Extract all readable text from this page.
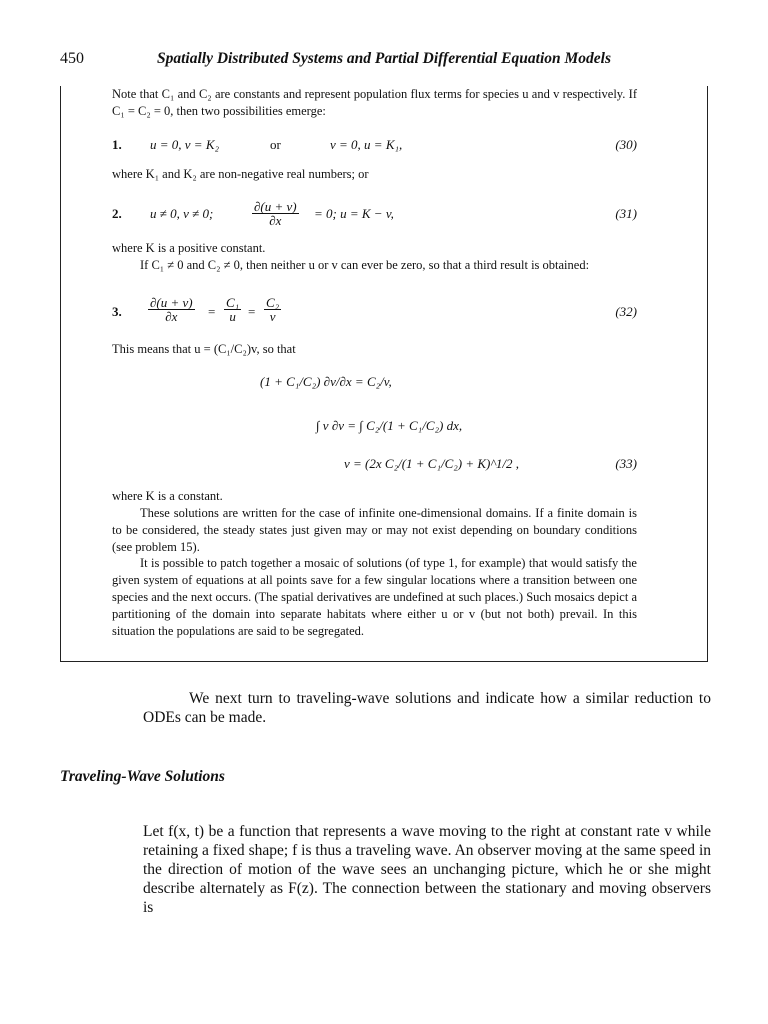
450	Spatially Distributed Systems and Partial Differential Equation Models

Note that C₁ and C₂ are constants and represent population flux terms for species u and v respectively. If C₁ = C₂ = 0, then two possibilities emerge:

1. u = 0, v = K₂	or	v = 0, u = K₁,	(30)

where K₁ and K₂ are non-negative real numbers; or

2. u ≠ 0, v ≠ 0;	$\frac{\partial(u + v)}{\partial x} = 0$; u = K − v,	(31)

where K is a positive constant.

If C₁ ≠ 0 and C₂ ≠ 0, then neither u or v can ever be zero, so that a third result is obtained:

3. $\frac{\partial(u + v)}{\partial x} = \frac{\text{C₁}}{u} = \frac{\text{C₂}}{v}$	(32)

This means that u = (C₁/C₂)v, so that

(1 + C₁/C₂) ∂v/∂x = C₂/v,
∫ v ∂v = ∫ C₂/(1 + C₁/C₂) dx,
v = (2x C₂/(1 + C₁/C₂) + K)^1/2 ,	(33)

where K is a constant.

These solutions are written for the case of infinite one-dimensional domains. If a finite domain is to be considered, the steady states just given may or may not exist depending on boundary conditions (see problem 15).

It is possible to patch together a mosaic of solutions (of type 1, for example) that would satisfy the given system of equations at all points save for a few singular locations where a transition between one species and the next occurs. (The spatial derivatives are undefined at such places.) Such mosaics depict a partitioning of the domain into separate habitats where either u or v (but not both) prevail. In this situation the populations are said to be segregated.

We next turn to traveling-wave solutions and indicate how a similar reduction to ODEs can be made.

Traveling-Wave Solutions

Let f(x, t) be a function that represents a wave moving to the right at constant rate v while retaining a fixed shape; f is thus a traveling wave. An observer moving at the same speed in the direction of motion of the wave sees an unchanging picture, which he or she might describe alternately as F(z). The connection between the stationary and moving observers is
